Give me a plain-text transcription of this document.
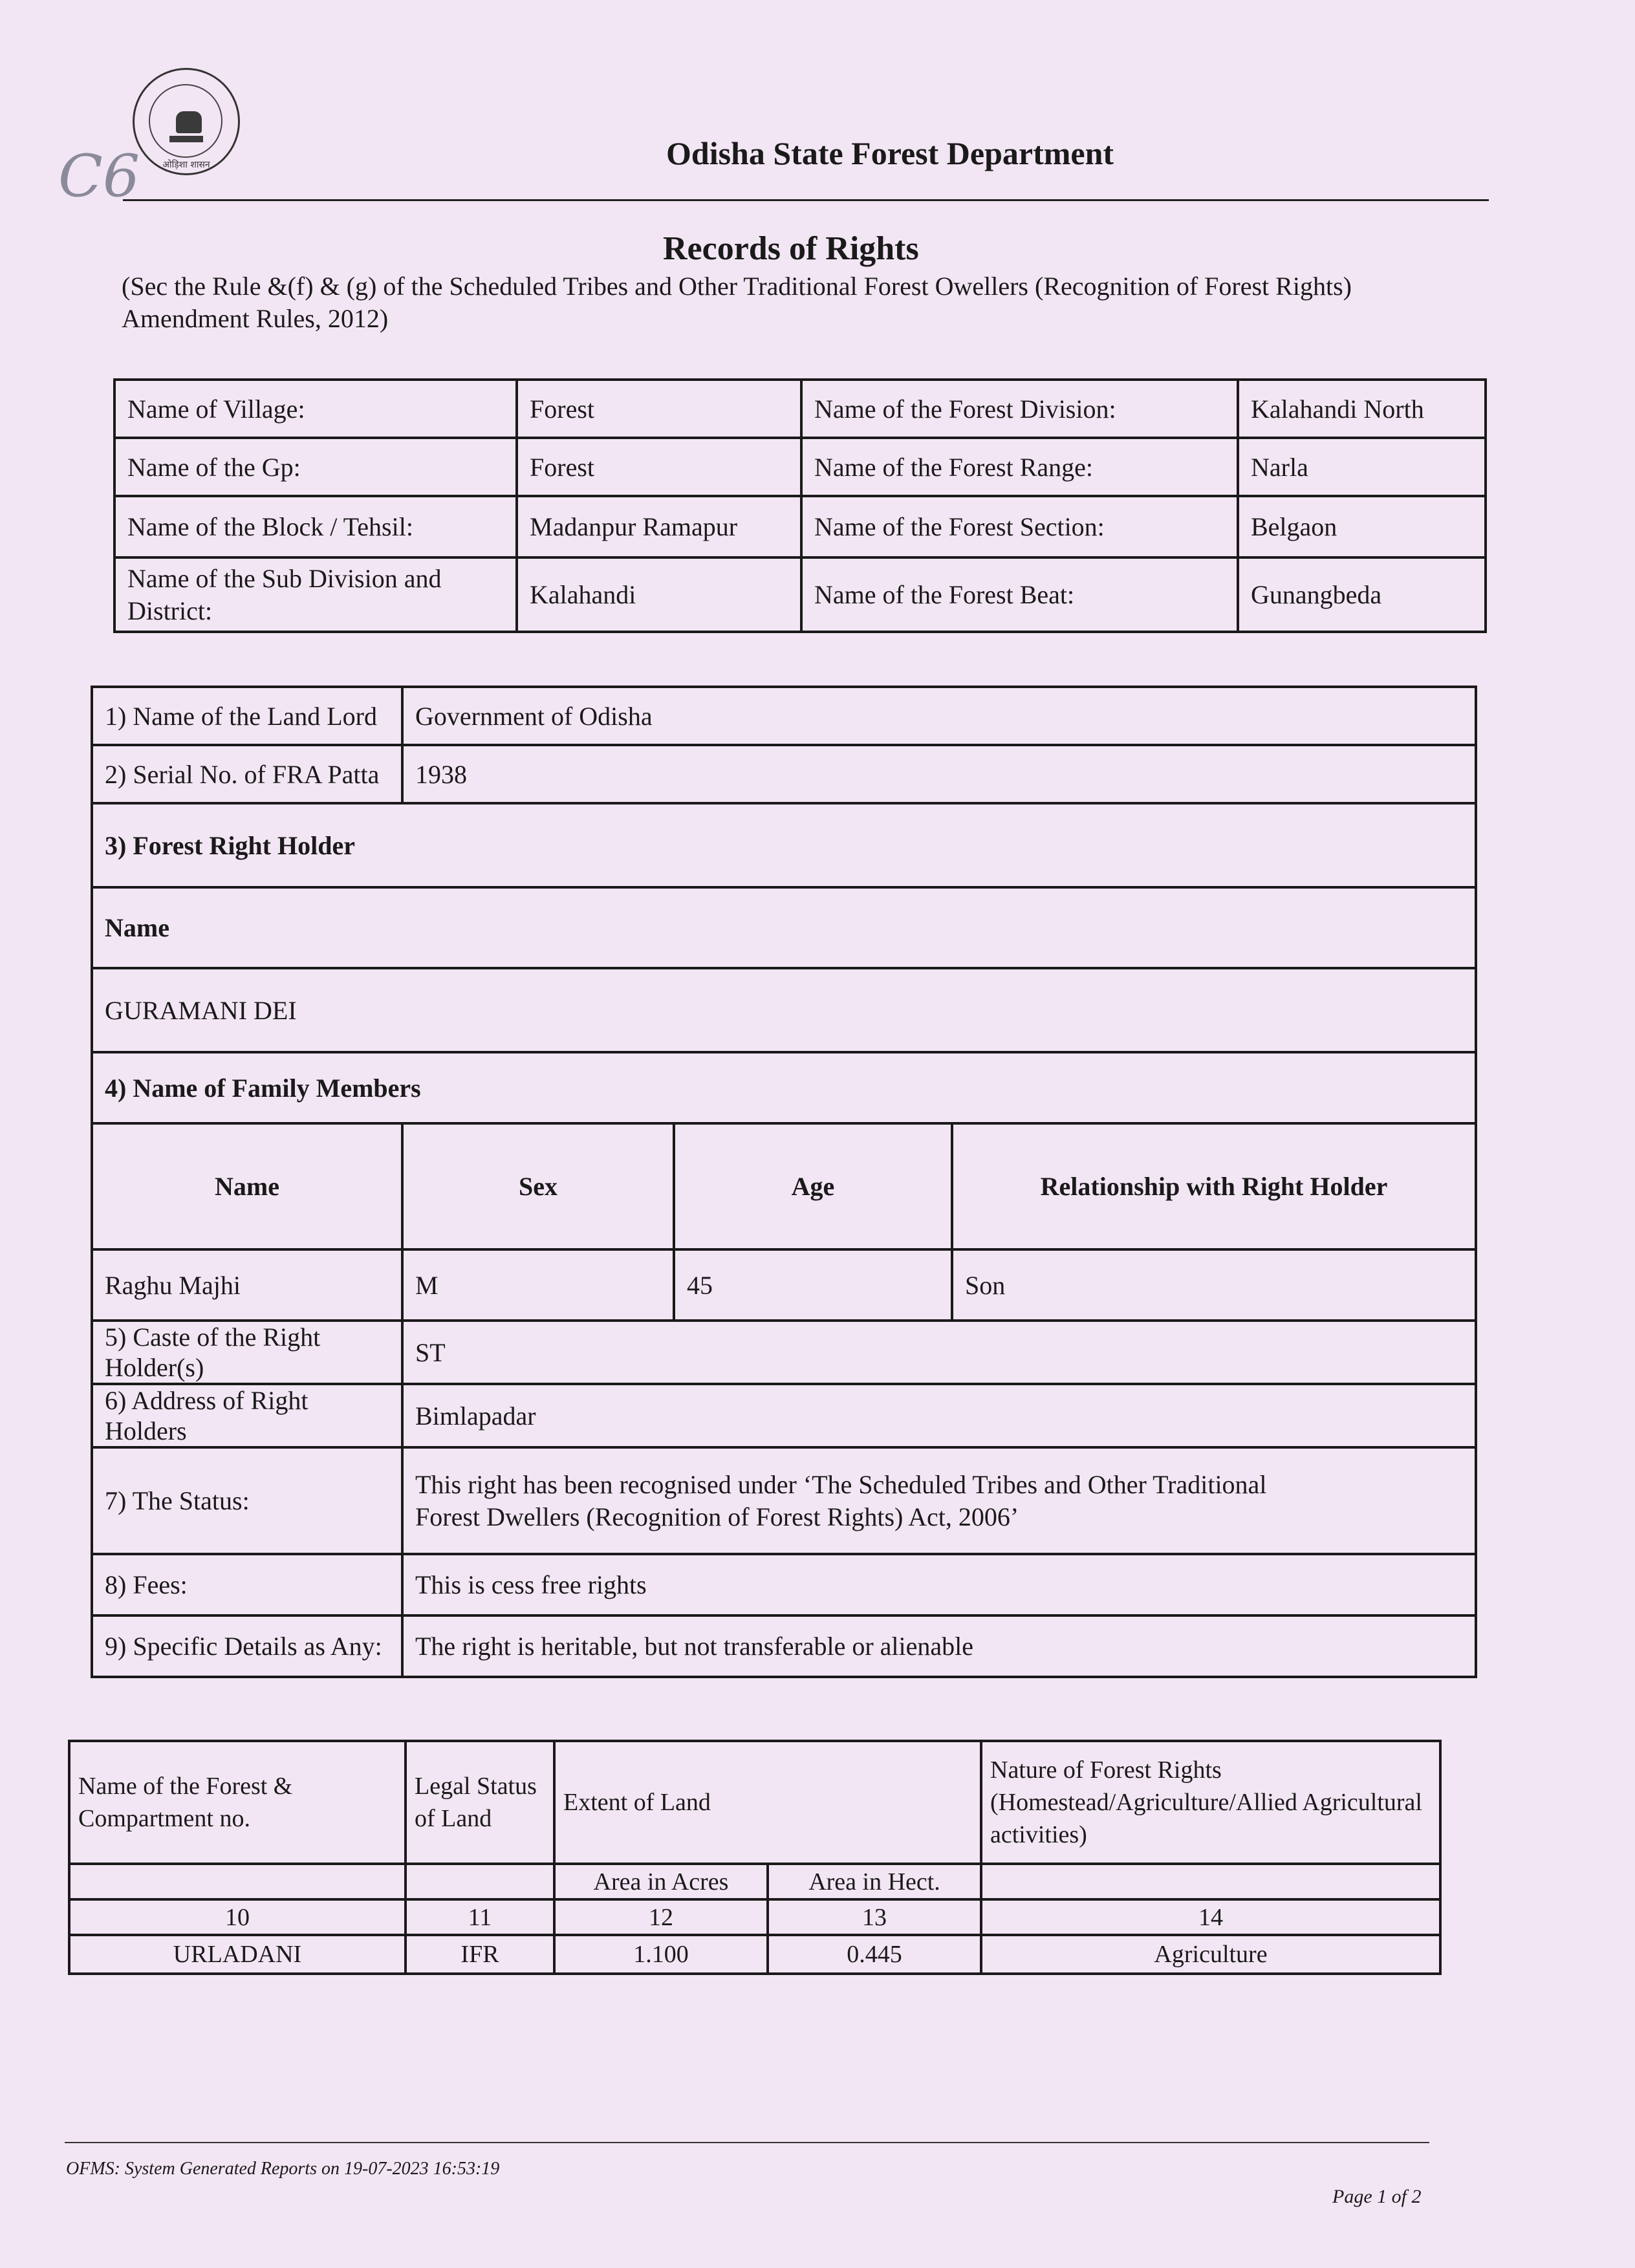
C6	ओड़िशा शासन	Odisha State Forest Department
Records of Rights
(Sec the Rule &(f) & (g) of the Scheduled Tribes and Other Traditional Forest Owellers (Recognition of Forest Rights) Amendment Rules, 2012)
Name of Village:	Forest	Name of the Forest Division:	Kalahandi North
Name of the Gp:	Forest	Name of the Forest Range:	Narla
Name of the Block / Tehsil:	Madanpur Ramapur	Name of the Forest Section:	Belgaon
Name of the Sub Division and District:	Kalahandi	Name of the Forest Beat:	Gunangbeda
1) Name of the Land Lord	Government of Odisha		
2) Serial No. of FRA Patta	1938		
3) Forest Right Holder			
Name			
GURAMANI DEI			
4) Name of Family Members			
Name	Sex	Age	Relationship with Right Holder
Raghu Majhi	M	45	Son
5) Caste of the Right Holder(s)	ST		
6) Address of Right Holders	Bimlapadar		
7) The Status:	This right has been recognised under ‘The Scheduled Tribes and Other Traditional
Forest Dwellers (Recognition of Forest Rights) Act, 2006’		

8) Fees:	This is cess free rights		
9) Specific Details as Any:	The right is heritable, but not transferable or alienable		
Name of the Forest & Compartment no.	Legal Status of Land	Extent of Land		Nature of Forest Rights (Homestead/Agriculture/Allied Agricultural activities)
		Area in Acres	Area in Hect.	
10	11	12	13	14
URLADANI	IFR	1.100	0.445	Agriculture
OFMS: System Generated Reports on 19-07-2023 16:53:19
Page 1 of 2
